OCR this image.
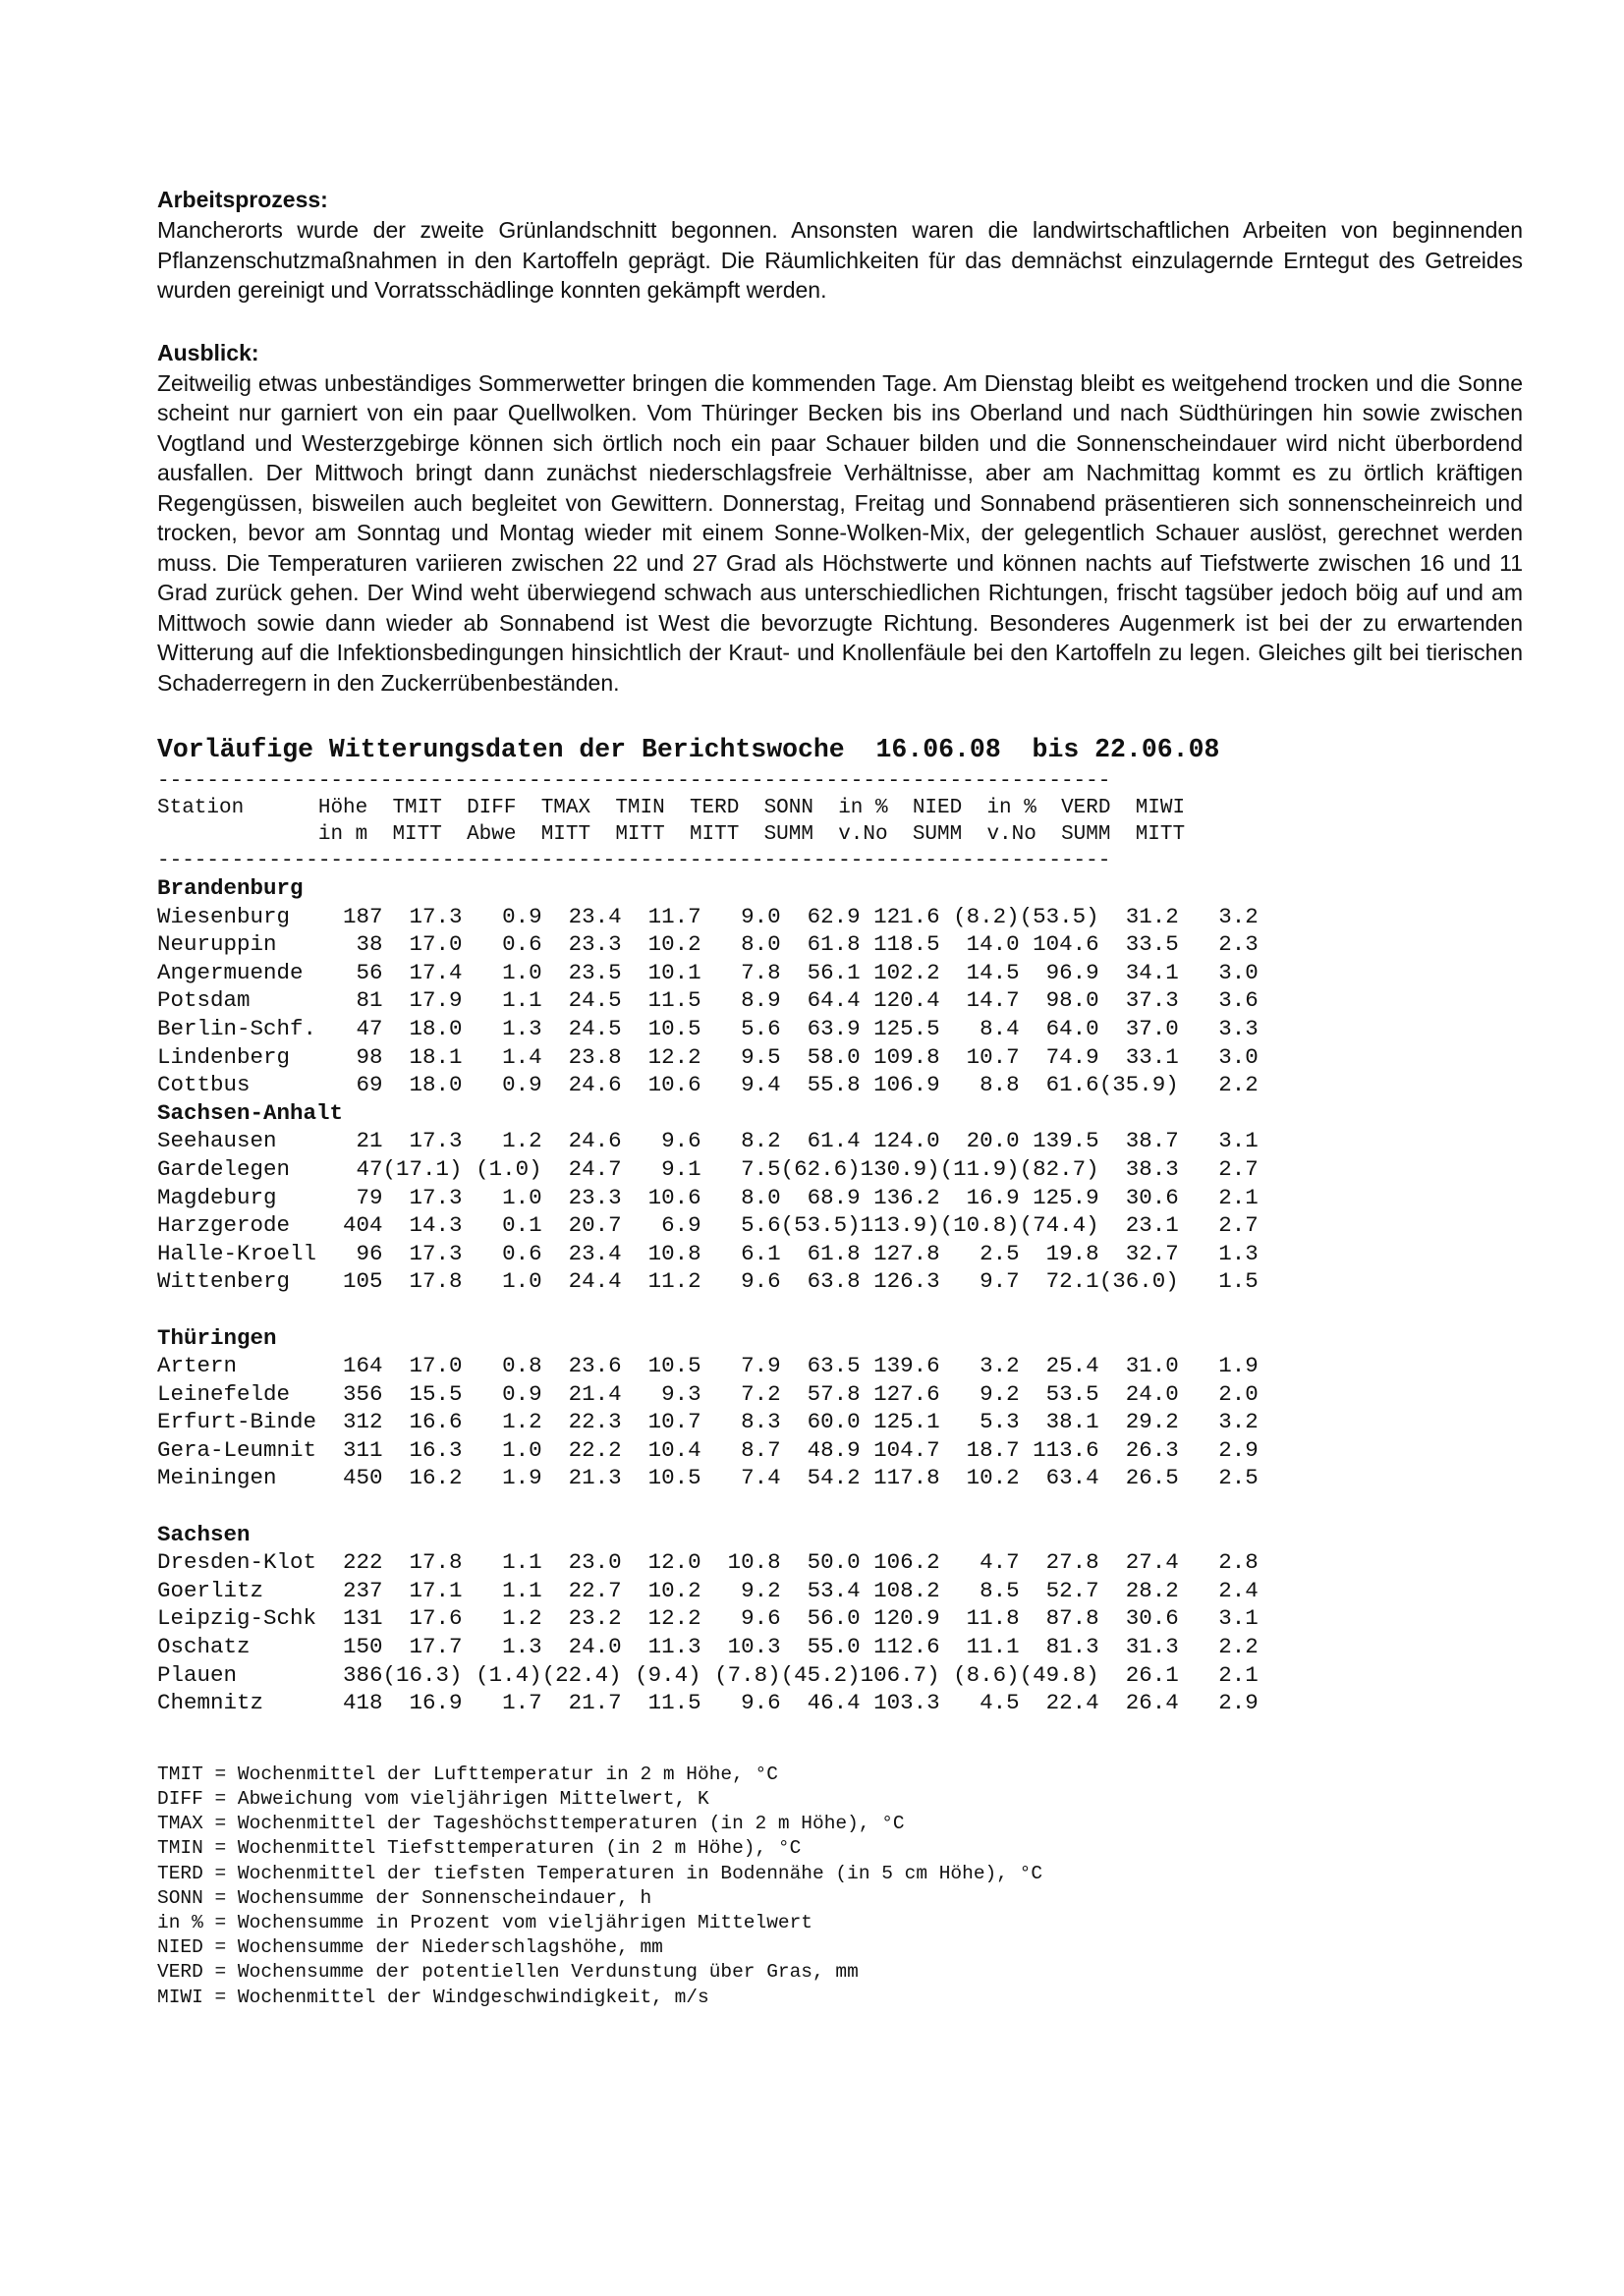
Arbeitsprozess:

Mancherorts wurde der zweite Grünlandschnitt begonnen. Ansonsten waren die landwirtschaftlichen Arbeiten von beginnenden Pflanzenschutzmaßnahmen in den Kartoffeln geprägt. Die Räumlichkeiten für das demnächst einzulagernde Erntegut des Getreides wurden gereinigt und Vorratsschädlinge konnten gekämpft werden.

Ausblick:

Zeitweilig etwas unbeständiges Sommerwetter bringen die kommenden Tage. Am Dienstag bleibt es weitgehend trocken und die Sonne scheint nur garniert von ein paar Quellwolken. Vom Thüringer Becken bis ins Oberland und nach Südthüringen hin sowie zwischen Vogtland und Westerzgebirge können sich örtlich noch ein paar Schauer bilden und die Sonnenscheindauer wird nicht überbordend ausfallen. Der Mittwoch bringt dann zunächst niederschlagsfreie Verhältnisse, aber am Nachmittag kommt es zu örtlich kräftigen Regengüssen, bisweilen auch begleitet von Gewittern. Donnerstag, Freitag und Sonnabend präsentieren sich sonnenscheinreich und trocken, bevor am Sonntag und Montag wieder mit einem Sonne-Wolken-Mix, der gelegentlich Schauer auslöst, gerechnet werden muss. Die Temperaturen variieren zwischen 22 und 27 Grad als Höchstwerte und können nachts auf Tiefstwerte zwischen 16 und 11 Grad zurück gehen. Der Wind weht überwiegend schwach aus unterschiedlichen Richtungen, frischt tagsüber jedoch böig auf und am Mittwoch sowie dann wieder ab Sonnabend ist West die bevorzugte Richtung. Besonderes Augenmerk ist bei der zu erwartenden Witterung auf die Infektionsbedingungen hinsichtlich der Kraut- und Knollenfäule bei den Kartoffeln zu legen. Gleiches gilt bei tierischen Schaderregern in den Zuckerrübenbeständen.

Vorläufige Witterungsdaten der Berichtswoche  16.06.08  bis 22.06.08
-----------------------------------------------------------------------------
Station      Höhe  TMIT  DIFF  TMAX  TMIN  TERD  SONN  in %  NIED  in %  VERD  MIWI
in m  MITT  Abwe  MITT  MITT  MITT  SUMM  v.No  SUMM  v.No  SUMM  MITT
-----------------------------------------------------------------------------
Brandenburg
Wiesenburg    187  17.3   0.9  23.4  11.7   9.0  62.9 121.6 (8.2)(53.5)  31.2   3.2
Neuruppin      38  17.0   0.6  23.3  10.2   8.0  61.8 118.5  14.0 104.6  33.5   2.3
Angermuende    56  17.4   1.0  23.5  10.1   7.8  56.1 102.2  14.5  96.9  34.1   3.0
Potsdam        81  17.9   1.1  24.5  11.5   8.9  64.4 120.4  14.7  98.0  37.3   3.6
Berlin-Schf.   47  18.0   1.3  24.5  10.5   5.6  63.9 125.5   8.4  64.0  37.0   3.3
Lindenberg     98  18.1   1.4  23.8  12.2   9.5  58.0 109.8  10.7  74.9  33.1   3.0
Cottbus        69  18.0   0.9  24.6  10.6   9.4  55.8 106.9   8.8  61.6(35.9)   2.2
Sachsen-Anhalt
Seehausen      21  17.3   1.2  24.6   9.6   8.2  61.4 124.0  20.0 139.5  38.7   3.1
Gardelegen     47(17.1) (1.0)  24.7   9.1   7.5(62.6)130.9)(11.9)(82.7)  38.3   2.7
Magdeburg      79  17.3   1.0  23.3  10.6   8.0  68.9 136.2  16.9 125.9  30.6   2.1
Harzgerode    404  14.3   0.1  20.7   6.9   5.6(53.5)113.9)(10.8)(74.4)  23.1   2.7
Halle-Kroell   96  17.3   0.6  23.4  10.8   6.1  61.8 127.8   2.5  19.8  32.7   1.3
Wittenberg    105  17.8   1.0  24.4  11.2   9.6  63.8 126.3   9.7  72.1(36.0)   1.5
Thüringen
Artern        164  17.0   0.8  23.6  10.5   7.9  63.5 139.6   3.2  25.4  31.0   1.9
Leinefelde    356  15.5   0.9  21.4   9.3   7.2  57.8 127.6   9.2  53.5  24.0   2.0
Erfurt-Binde  312  16.6   1.2  22.3  10.7   8.3  60.0 125.1   5.3  38.1  29.2   3.2
Gera-Leumnit  311  16.3   1.0  22.2  10.4   8.7  48.9 104.7  18.7 113.6  26.3   2.9
Meiningen     450  16.2   1.9  21.3  10.5   7.4  54.2 117.8  10.2  63.4  26.5   2.5
Sachsen
Dresden-Klot  222  17.8   1.1  23.0  12.0  10.8  50.0 106.2   4.7  27.8  27.4   2.8
Goerlitz      237  17.1   1.1  22.7  10.2   9.2  53.4 108.2   8.5  52.7  28.2   2.4
Leipzig-Schk  131  17.6   1.2  23.2  12.2   9.6  56.0 120.9  11.8  87.8  30.6   3.1
Oschatz       150  17.7   1.3  24.0  11.3  10.3  55.0 112.6  11.1  81.3  31.3   2.2
Plauen        386(16.3) (1.4)(22.4) (9.4) (7.8)(45.2)106.7) (8.6)(49.8)  26.1   2.1
Chemnitz      418  16.9   1.7  21.7  11.5   9.6  46.4 103.3   4.5  22.4  26.4   2.9
TMIT = Wochenmittel der Lufttemperatur in 2 m Höhe, °C
DIFF = Abweichung vom vieljährigen Mittelwert, K
TMAX = Wochenmittel der Tageshöchsttemperaturen (in 2 m Höhe), °C
TMIN = Wochenmittel Tiefsttemperaturen (in 2 m Höhe), °C
TERD = Wochenmittel der tiefsten Temperaturen in Bodennähe (in 5 cm Höhe), °C
SONN = Wochensumme der Sonnenscheindauer, h
in % = Wochensumme in Prozent vom vieljährigen Mittelwert
NIED = Wochensumme der Niederschlagshöhe, mm
VERD = Wochensumme der potentiellen Verdunstung über Gras, mm
MIWI = Wochenmittel der Windgeschwindigkeit, m/s
